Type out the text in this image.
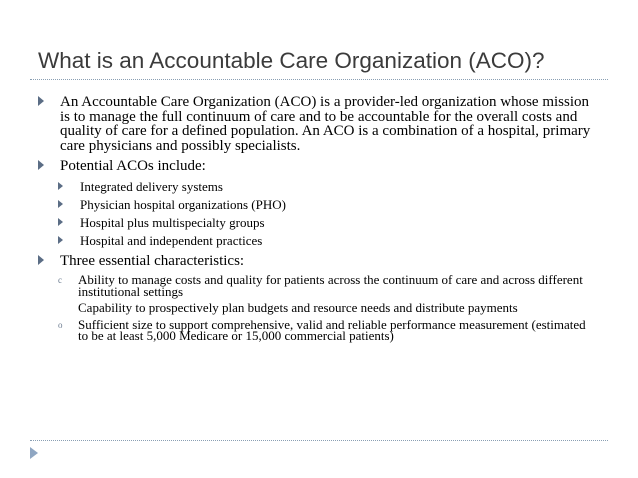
What is an Accountable Care Organization (ACO)?
An Accountable Care Organization (ACO) is a provider-led organization whose mission is to manage the full continuum of care and to be accountable for the overall costs and quality of care for a defined population. An ACO is a combination of a hospital, primary care physicians and possibly specialists.
Potential ACOs include:
Integrated delivery systems
Physician hospital organizations (PHO)
Hospital plus multispecialty groups
Hospital and independent practices
Three essential characteristics:
c Ability to manage costs and quality for patients across the continuum of care and across different institutional settings
Capability to prospectively plan budgets and resource needs and distribute payments
o Sufficient size to support comprehensive, valid and reliable performance measurement (estimated to be at least 5,000 Medicare or 15,000 commercial patients)
